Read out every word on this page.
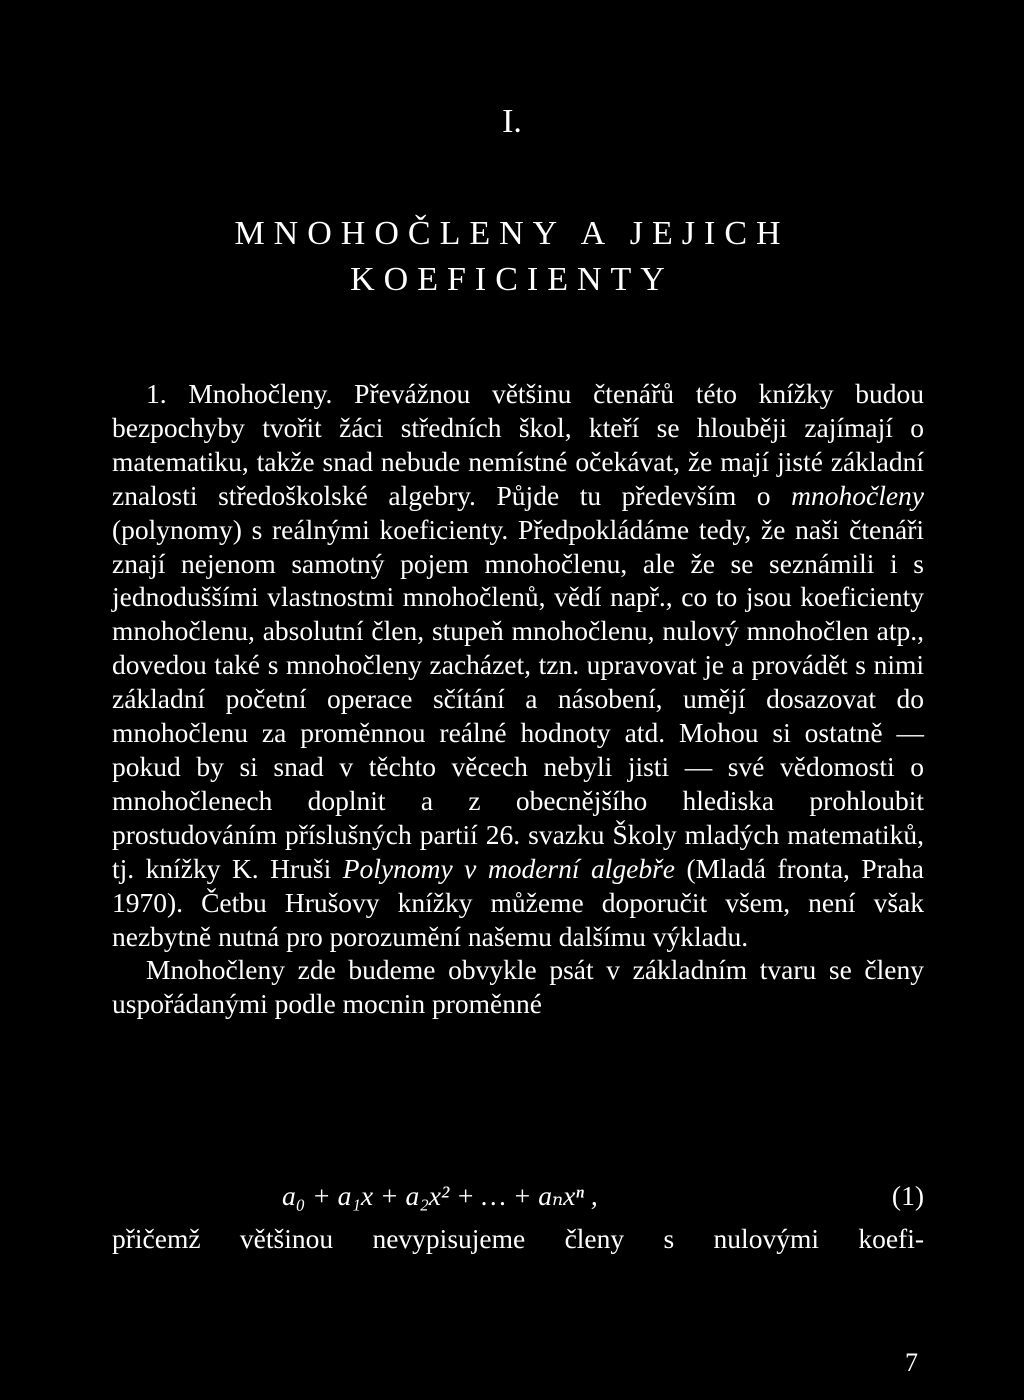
I.
MNOHOČLENY A JEJICH
KOEFICIENTY

1. Mnohočleny. Převážnou většinu čtenářů této knížky budou bezpochyby tvořit žáci středních škol, kteří se hlouběji zajímají o matematiku, takže snad nebude nemístné očekávat, že mají jisté základní znalosti středoškolské algebry. Půjde tu především o mnohočleny (polynomy) s reálnými koeficienty. Předpokládáme tedy, že naši čtenáři znají nejenom samotný pojem mnohočlenu, ale že se seznámili i s jednoduššími vlastnostmi mnohočlenů, vědí např., co to jsou koeficienty mnohočlenu, absolutní člen, stupeň mnohočlenu, nulový mnohočlen atp., dovedou také s mnohočleny zacházet, tzn. upravovat je a provádět s nimi základní početní operace sčítání a násobení, umějí dosazovat do mnohočlenu za proměnnou reálné hodnoty atd. Mohou si ostatně — pokud by si snad v těchto věcech nebyli jisti — své vědomosti o mnohočlenech doplnit a z obecnějšího hlediska prohloubit prostudováním příslušných partií 26. svazku Školy mladých matematiků, tj. knížky K. Hruši Polynomy v moderní algebře (Mladá fronta, Praha 1970). Četbu Hrušovy knížky můžeme doporučit všem, není však nezbytně nutná pro porozumění našemu dalšímu výkladu.

Mnohočleny zde budeme obvykle psát v základním tvaru se členy uspořádanými podle mocnin proměnné

a₀ + a₁x + a₂x² + … + aₙxⁿ ,	(1)
přičemž většinou nevypisujeme členy s nulovými koefi-
7
